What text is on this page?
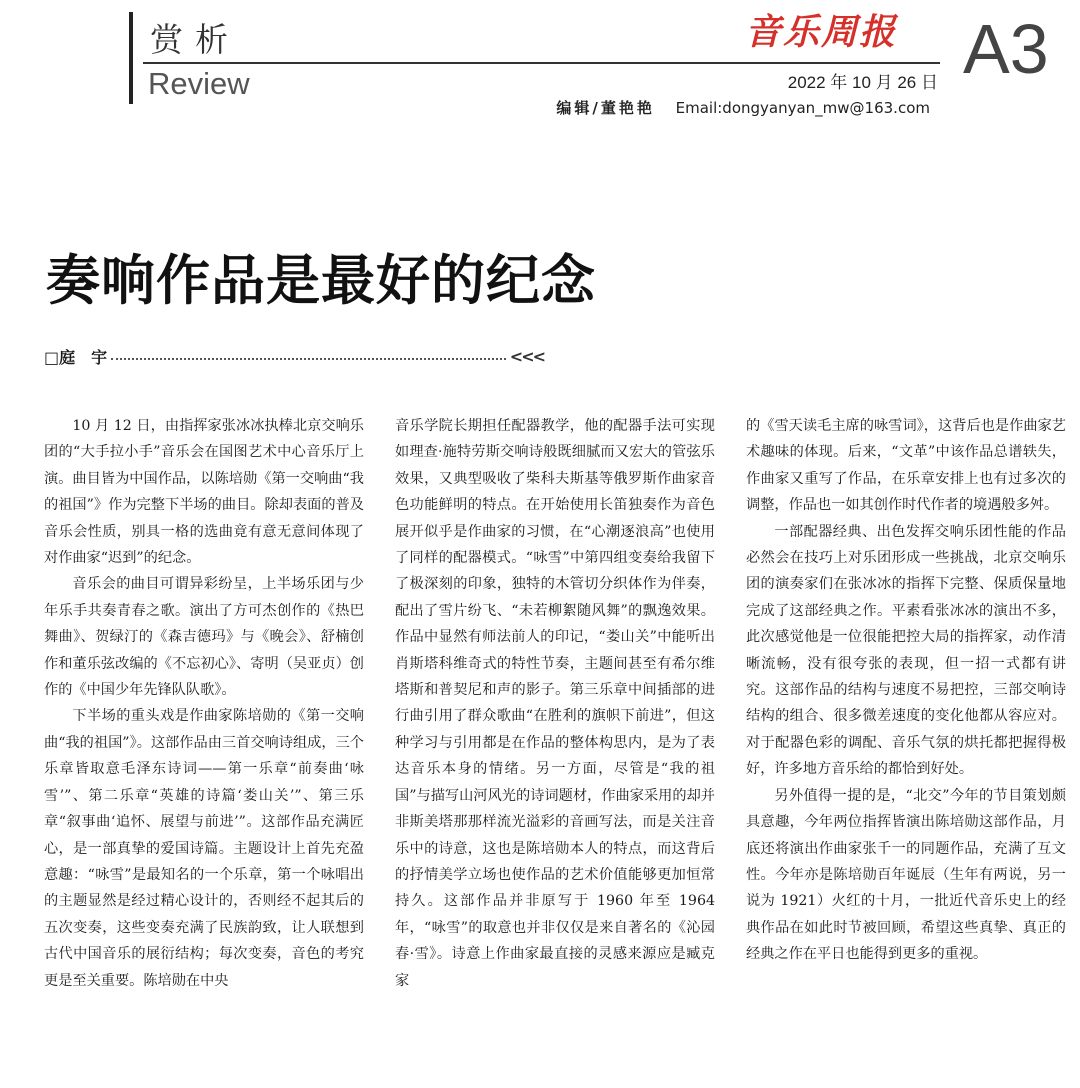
赏析
Review
音乐周报 A3
2022 年 10 月 26 日
编辑/董艳艳 Email:dongyanyan_mw@163.com
奏响作品是最好的纪念
□庭　宇	<<<

10 月 12 日，由指挥家张冰冰执棒北京交响乐团的“大手拉小手”音乐会在国图艺术中心音乐厅上演。曲目皆为中国作品，以陈培勋《第一交响曲“我的祖国”》作为完整下半场的曲目。除却表面的普及音乐会性质，别具一格的选曲竟有意无意间体现了对作曲家“迟到”的纪念。

音乐会的曲目可谓异彩纷呈，上半场乐团与少年乐手共奏青春之歌。演出了方可杰创作的《热巴舞曲》、贺绿汀的《森吉德玛》与《晚会》、舒楠创作和董乐弦改编的《不忘初心》、寄明（吴亚贞）创作的《中国少年先锋队队歌》。

下半场的重头戏是作曲家陈培勋的《第一交响曲“我的祖国”》。这部作品由三首交响诗组成，三个乐章皆取意毛泽东诗词——第一乐章“前奏曲‘咏雪’”、第二乐章“英雄的诗篇‘娄山关’”、第三乐章“叙事曲‘追怀、展望与前进’”。这部作品充满匠心，是一部真挚的爱国诗篇。主题设计上首先充盈意趣：“咏雪”是最知名的一个乐章，第一个咏唱出的主题显然是经过精心设计的，否则经不起其后的五次变奏，这些变奏充满了民族韵致，让人联想到古代中国音乐的展衍结构；每次变奏，音色的考究更是至关重要。陈培勋在中央

音乐学院长期担任配器教学，他的配器手法可实现如理查·施特劳斯交响诗般既细腻而又宏大的管弦乐效果，又典型吸收了柴科夫斯基等俄罗斯作曲家音色功能鲜明的特点。在开始使用长笛独奏作为音色展开似乎是作曲家的习惯，在“心潮逐浪高”也使用了同样的配器模式。“咏雪”中第四组变奏给我留下了极深刻的印象，独特的木管切分织体作为伴奏，配出了雪片纷飞、“未若柳絮随风舞”的飘逸效果。作品中显然有师法前人的印记，“娄山关”中能听出肖斯塔科维奇式的特性节奏，主题间甚至有希尔维塔斯和普契尼和声的影子。第三乐章中间插部的进行曲引用了群众歌曲“在胜利的旗帜下前进”，但这种学习与引用都是在作品的整体构思内，是为了表达音乐本身的情绪。另一方面，尽管是“我的祖国”与描写山河风光的诗词题材，作曲家采用的却并非斯美塔那那样流光溢彩的音画写法，而是关注音乐中的诗意，这也是陈培勋本人的特点，而这背后的抒情美学立场也使作品的艺术价值能够更加恒常持久。这部作品并非原写于 1960 年至 1964 年，“咏雪”的取意也并非仅仅是来自著名的《沁园春·雪》。诗意上作曲家最直接的灵感来源应是臧克家

的《雪天读毛主席的咏雪词》，这背后也是作曲家艺术趣味的体现。后来，“文革”中该作品总谱轶失，作曲家又重写了作品，在乐章安排上也有过多次的调整，作品也一如其创作时代作者的境遇般多舛。

一部配器经典、出色发挥交响乐团性能的作品必然会在技巧上对乐团形成一些挑战，北京交响乐团的演奏家们在张冰冰的指挥下完整、保质保量地完成了这部经典之作。平素看张冰冰的演出不多，此次感觉他是一位很能把控大局的指挥家，动作清晰流畅，没有很夸张的表现，但一招一式都有讲究。这部作品的结构与速度不易把控，三部交响诗结构的组合、很多微差速度的变化他都从容应对。对于配器色彩的调配、音乐气氛的烘托都把握得极好，许多地方音乐给的都恰到好处。

另外值得一提的是，“北交”今年的节目策划颇具意趣，今年两位指挥皆演出陈培勋这部作品，月底还将演出作曲家张千一的同题作品，充满了互文性。今年亦是陈培勋百年诞辰（生年有两说，另一说为 1921）火红的十月，一批近代音乐史上的经典作品在如此时节被回顾，希望这些真挚、真正的经典之作在平日也能得到更多的重视。
